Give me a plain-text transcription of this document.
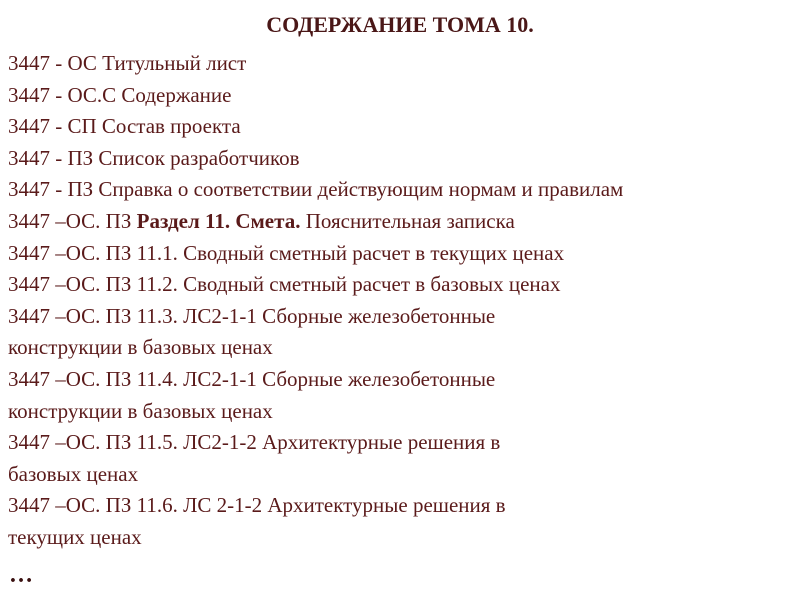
СОДЕРЖАНИЕ ТОМА 10.
3447 - ОС Титульный лист
3447 - ОС.С Содержание
3447 - СП Состав проекта
3447 - ПЗ Список разработчиков
3447 - ПЗ Справка о соответствии действующим нормам и правилам
3447 –ОС. ПЗ Раздел 11. Смета. Пояснительная записка
3447 –ОС. ПЗ 11.1. Сводный сметный расчет в текущих ценах
3447 –ОС. ПЗ 11.2. Сводный сметный расчет в базовых ценах
3447 –ОС. ПЗ 11.3. ЛС2-1-1 Сборные железобетонные
конструкции в базовых ценах
3447 –ОС. ПЗ 11.4. ЛС2-1-1 Сборные железобетонные
конструкции в базовых ценах
3447 –ОС. ПЗ 11.5. ЛС2-1-2 Архитектурные решения в
базовых ценах
3447 –ОС. ПЗ 11.6. ЛС 2-1-2 Архитектурные решения в
текущих ценах
…
